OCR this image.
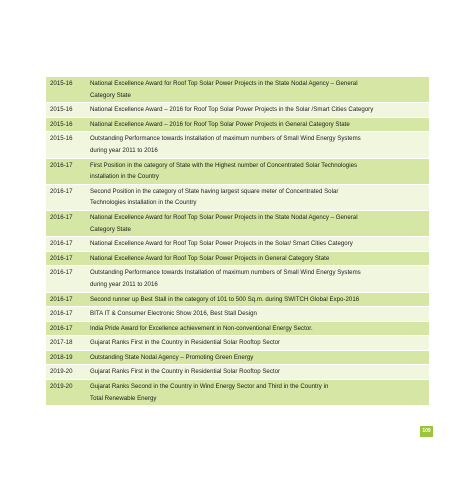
2015-16	National Excellence Award for Roof Top Solar Power Projects in the State Nodal Agency – General
Category State

2015-16	National Excellence Award – 2016 for Roof Top Solar Power Projects in the Solar /Smart Cities Category

2015-16	National Excellence Award – 2016 for Roof Top Solar Power Projects in General Category State

2015-16	Outstanding Performance towards Installation of maximum numbers of Small Wind Energy Systems
during year 2011 to 2016

2016-17	First Position in the category of State with the Highest number of Concentrated Solar Technologies
installation in the Country

2016-17	Second Position in the category of State having largest square meter of Concentrated Solar
Technologies installation in the Country

2016-17	National Excellence Award for Roof Top Solar Power Projects in the State Nodal Agency – General
Category State

2016-17	National Excellence Award for Roof Top Solar Power Projects in the Solar/ Smart Cities Category

2016-17	National Excellence Award for Roof Top Solar Power Projects in General Category State

2016-17	Outstanding Performance towards Installation of maximum numbers of Small Wind Energy Systems
during year 2011 to 2016

2016-17	Second runner up Best Stall in the category of 101 to 500 Sq.m. during SWITCH Global Expo-2016

2016-17	BITA IT & Consumer Electronic Show 2016, Best Stall Design

2016-17	India Pride Award for Excellence achievement in Non-conventional Energy Sector.

2017-18	Gujarat Ranks First in the Country in Residential Solar Rooftop Sector

2018-19	Outstanding State Nodal Agency – Promoting Green Energy

2019-20	Gujarat Ranks First in the Country in Residential Solar Rooftop Sector

2019-20	Gujarat Ranks Second in the Country in Wind Energy Sector and Third in the Country in
Total Renewable Energy
109
